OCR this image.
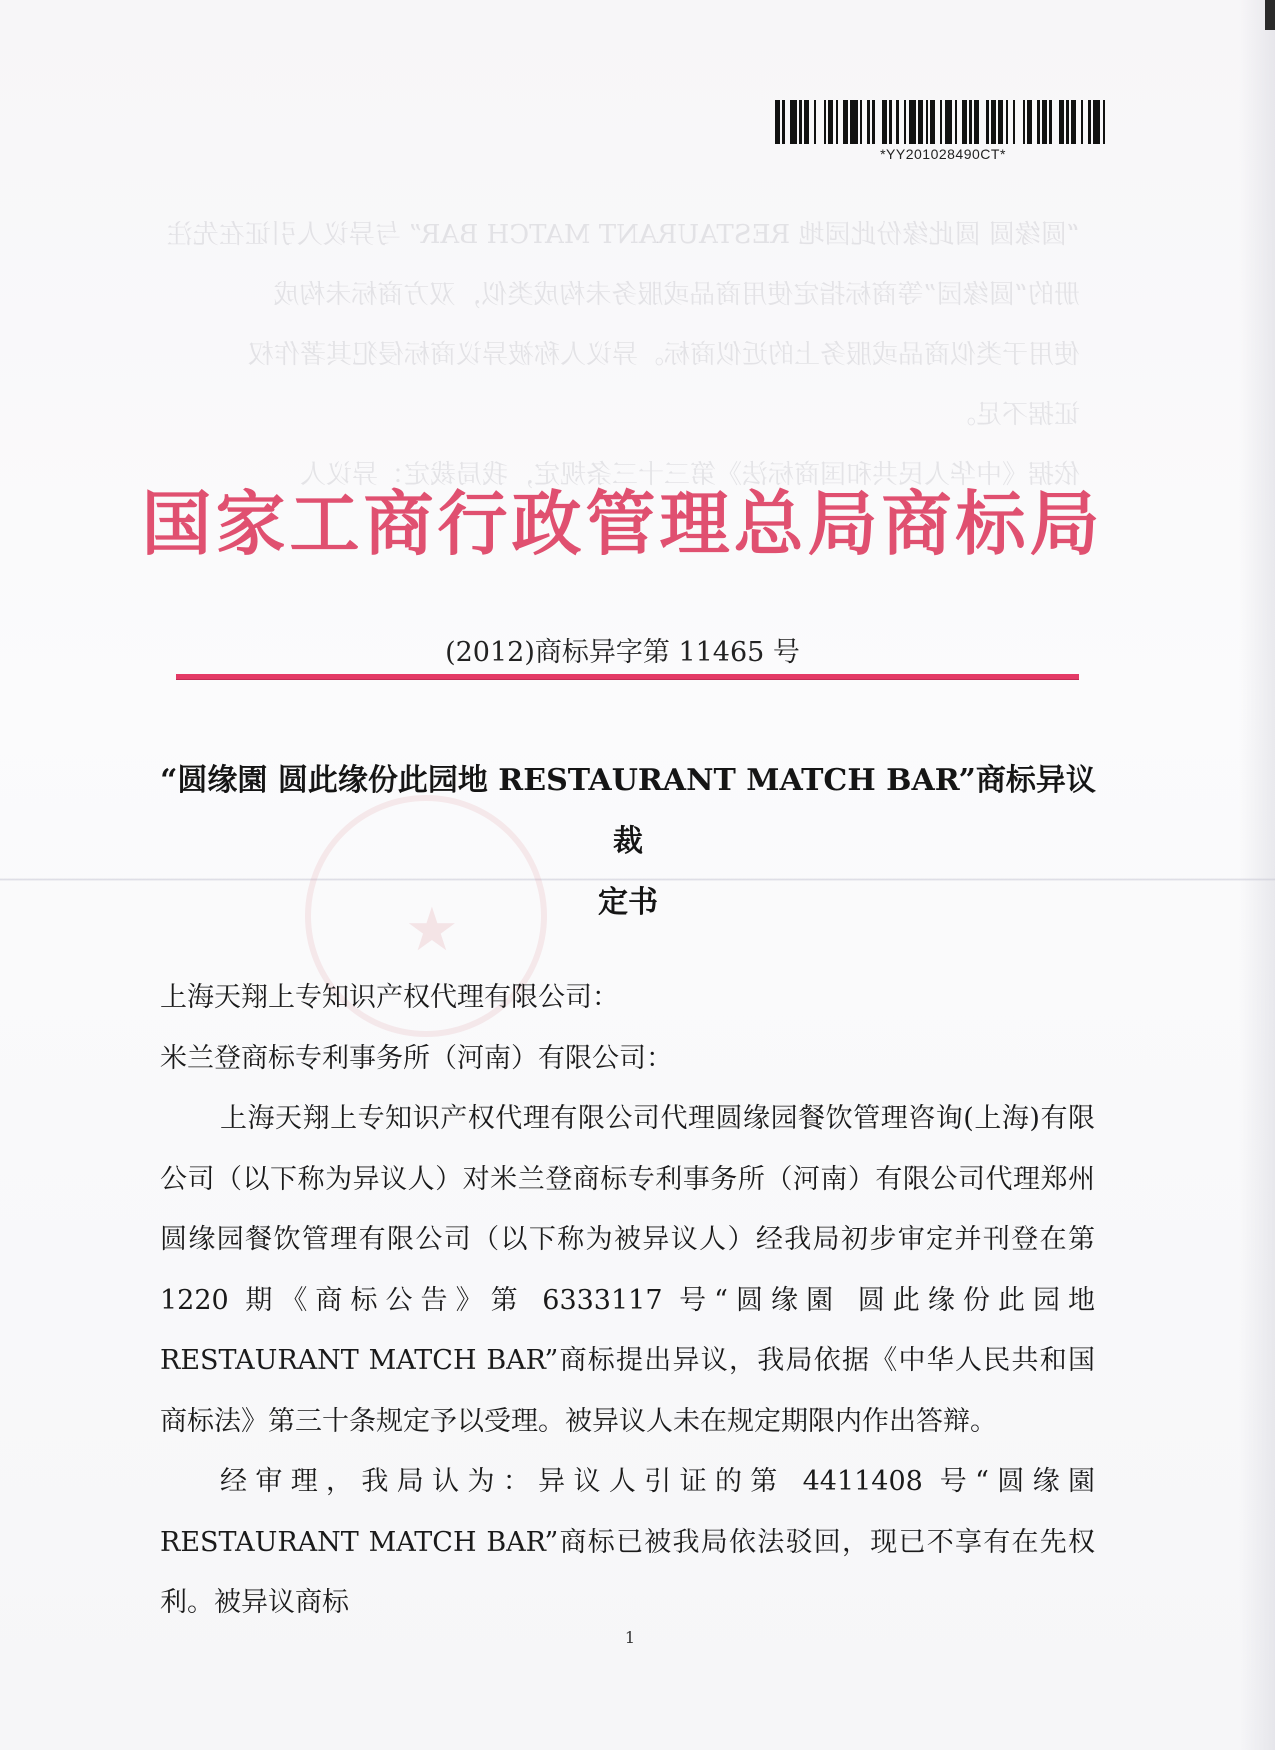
“圆缘圆 圆此缘份此园地 RESTAURANT MATCH BAR” 与异议人引证在先注
册的“圆缘园”等商标指定使用商品或服务未构成类似，双方商标未构成
使用于类似商品或服务上的近似商标。异议人称被异议商标侵犯其著作权
证据不足。
依据《中华人民共和国商标法》第三十三条规定，我局裁定：异议人
★
*YY201028490CT*
国家工商行政管理总局商标局
(2012)商标异字第 11465 号
“圆缘園 圆此缘份此园地 RESTAURANT MATCH BAR”商标异议裁
定书

上海天翔上专知识产权代理有限公司：

米兰登商标专利事务所（河南）有限公司：

上海天翔上专知识产权代理有限公司代理圆缘园餐饮管理咨询(上海)有限公司（以下称为异议人）对米兰登商标专利事务所（河南）有限公司代理郑州圆缘园餐饮管理有限公司（以下称为被异议人）经我局初步审定并刊登在第 1220 期《商标公告》第 6333117 号“圆缘園 圆此缘份此园地 RESTAURANT MATCH BAR”商标提出异议，我局依据《中华人民共和国商标法》第三十条规定予以受理。被异议人未在规定期限内作出答辩。

经审理，我局认为：异议人引证的第 4411408 号“圆缘園 RESTAURANT MATCH BAR”商标已被我局依法驳回，现已不享有在先权利。被异议商标

1
